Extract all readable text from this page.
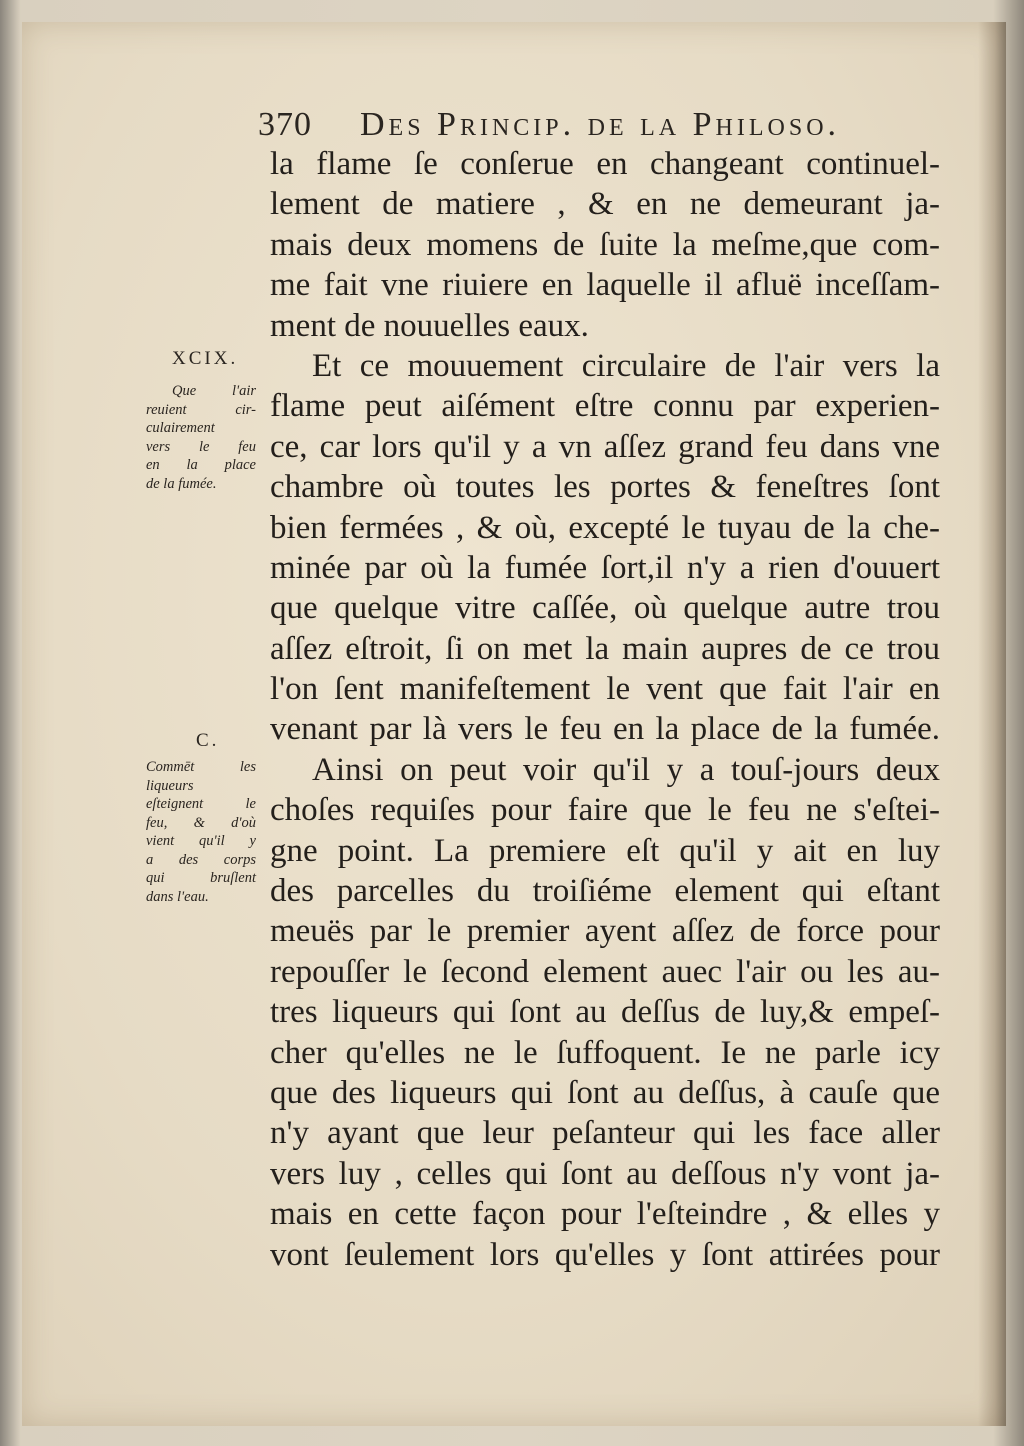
370 Des Princip. de la Philoso.
la flame ſe conſerue en changeant continuel-
lement de matiere , & en ne demeurant ja-
mais deux momens de ſuite la meſme,que com-
me fait vne riuiere en laquelle il afluë inceſſam-
ment de nouuelles eaux.
Et ce mouuement circulaire de l'air vers la
flame peut aiſément eſtre connu par experien-
ce, car lors qu'il y a vn aſſez grand feu dans vne
chambre où toutes les portes & feneſtres ſont
bien fermées , & où, excepté le tuyau de la che-
minée par où la fumée ſort,il n'y a rien d'ouuert
que quelque vitre caſſée, où quelque autre trou
aſſez eſtroit, ſi on met la main aupres de ce trou
l'on ſent manifeſtement le vent que fait l'air en
venant par là vers le feu en la place de la fumée.
Ainsi on peut voir qu'il y a touſ-jours deux
choſes requiſes pour faire que le feu ne s'eſtei-
gne point. La premiere eſt qu'il y ait en luy
des parcelles du troiſiéme element qui eſtant
meuës par le premier ayent aſſez de force pour
repouſſer le ſecond element auec l'air ou les au-
tres liqueurs qui ſont au deſſus de luy,& empeſ-
cher qu'elles ne le ſuffoquent. Ie ne parle icy
que des liqueurs qui ſont au deſſus, à cauſe que
n'y ayant que leur peſanteur qui les face aller
vers luy , celles qui ſont au deſſous n'y vont ja-
mais en cette façon pour l'eſteindre , & elles y
vont ſeulement lors qu'elles y ſont attirées pour
XCIX.
Que l'air
reuient cir-
culairement
vers le feu
en la place
de la fumée.
C.
Commēt les
liqueurs
eſteignent le
feu, & d'où
vient qu'il y
a des corps
qui bruſlent
dans l'eau.
